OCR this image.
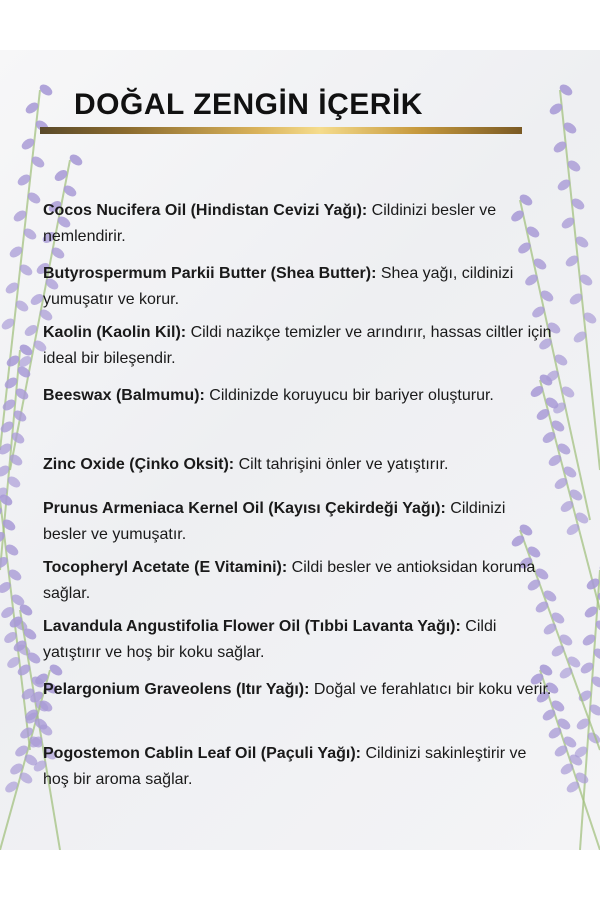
DOĞAL ZENGİN İÇERİK

Cocos Nucifera Oil (Hindistan Cevizi Yağı): Cildinizi besler ve nemlendirir.

Butyrospermum Parkii Butter (Shea Butter): Shea yağı, cildinizi yumuşatır ve korur.

Kaolin (Kaolin Kil): Cildi nazikçe temizler ve arındırır, hassas ciltler için ideal bir bileşendir.

Beeswax (Balmumu): Cildinizde koruyucu bir bariyer oluşturur.

Zinc Oxide (Çinko Oksit): Cilt tahrişini önler ve yatıştırır.

Prunus Armeniaca Kernel Oil (Kayısı Çekirdeği Yağı): Cildinizi besler ve yumuşatır.

Tocopheryl Acetate (E Vitamini): Cildi besler ve antioksidan koruma sağlar.

Lavandula Angustifolia Flower Oil (Tıbbi Lavanta Yağı): Cildi yatıştırır ve hoş bir koku sağlar.

Pelargonium Graveolens (Itır Yağı): Doğal ve ferahlatıcı bir koku verir.

Pogostemon Cablin Leaf Oil (Paçuli Yağı): Cildinizi sakinleştirir ve hoş bir aroma sağlar.
